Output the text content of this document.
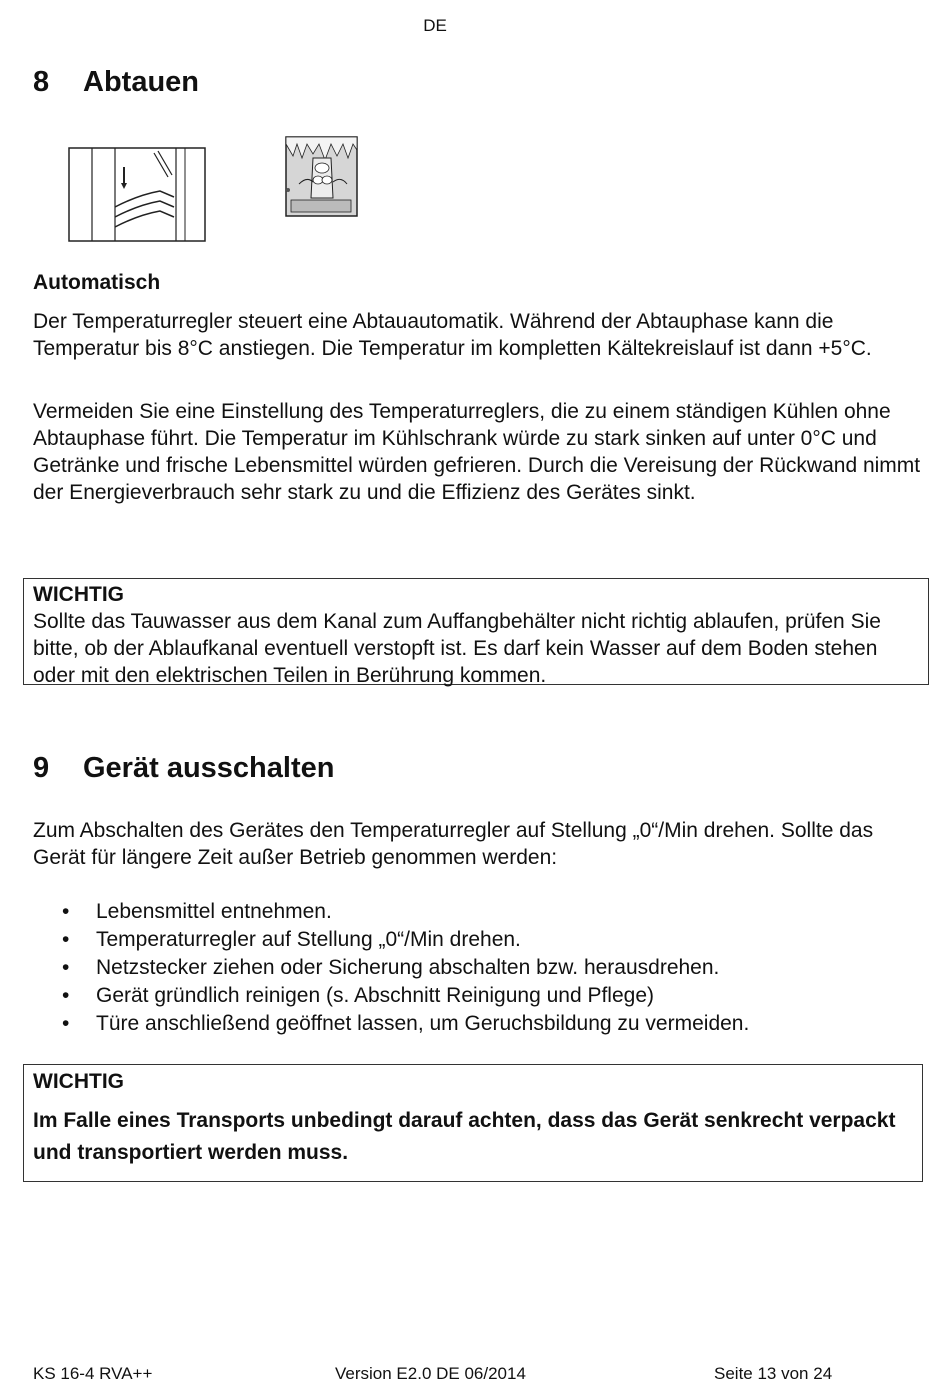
DE
8 Abtauen
Automatisch
Der Temperaturregler steuert eine Abtauautomatik. Während der Abtauphase kann die Temperatur bis 8°C anstiegen. Die Temperatur im kompletten Kältekreislauf ist dann +5°C.
Vermeiden Sie eine Einstellung des Temperaturreglers, die zu einem ständigen Kühlen ohne Abtauphase führt. Die Temperatur im Kühlschrank würde zu stark sinken auf unter 0°C und Getränke und frische Lebensmittel würden gefrieren. Durch die Vereisung der Rückwand nimmt der Energieverbrauch sehr stark zu und die Effizienz des Gerätes sinkt.
WICHTIG
Sollte das Tauwasser aus dem Kanal zum Auffangbehälter nicht richtig ablaufen, prüfen Sie bitte, ob der Ablaufkanal eventuell verstopft ist. Es darf kein Wasser auf dem Boden stehen oder mit den elektrischen Teilen in Berührung kommen.
9 Gerät ausschalten
Zum Abschalten des Gerätes den Temperaturregler auf Stellung „0“/Min drehen. Sollte das Gerät für längere Zeit außer Betrieb genommen werden:
• Lebensmittel entnehmen.
• Temperaturregler auf Stellung „0“/Min drehen.
• Netzstecker ziehen oder Sicherung abschalten bzw. herausdrehen.
• Gerät gründlich reinigen (s. Abschnitt Reinigung und Pflege)
• Türe anschließend geöffnet lassen, um Geruchsbildung zu vermeiden.
WICHTIG
Im Falle eines Transports unbedingt darauf achten, dass das Gerät senkrecht verpackt und transportiert werden muss.
KS 16-4 RVA++	Version E2.0 DE 06/2014	Seite 13 von 24
